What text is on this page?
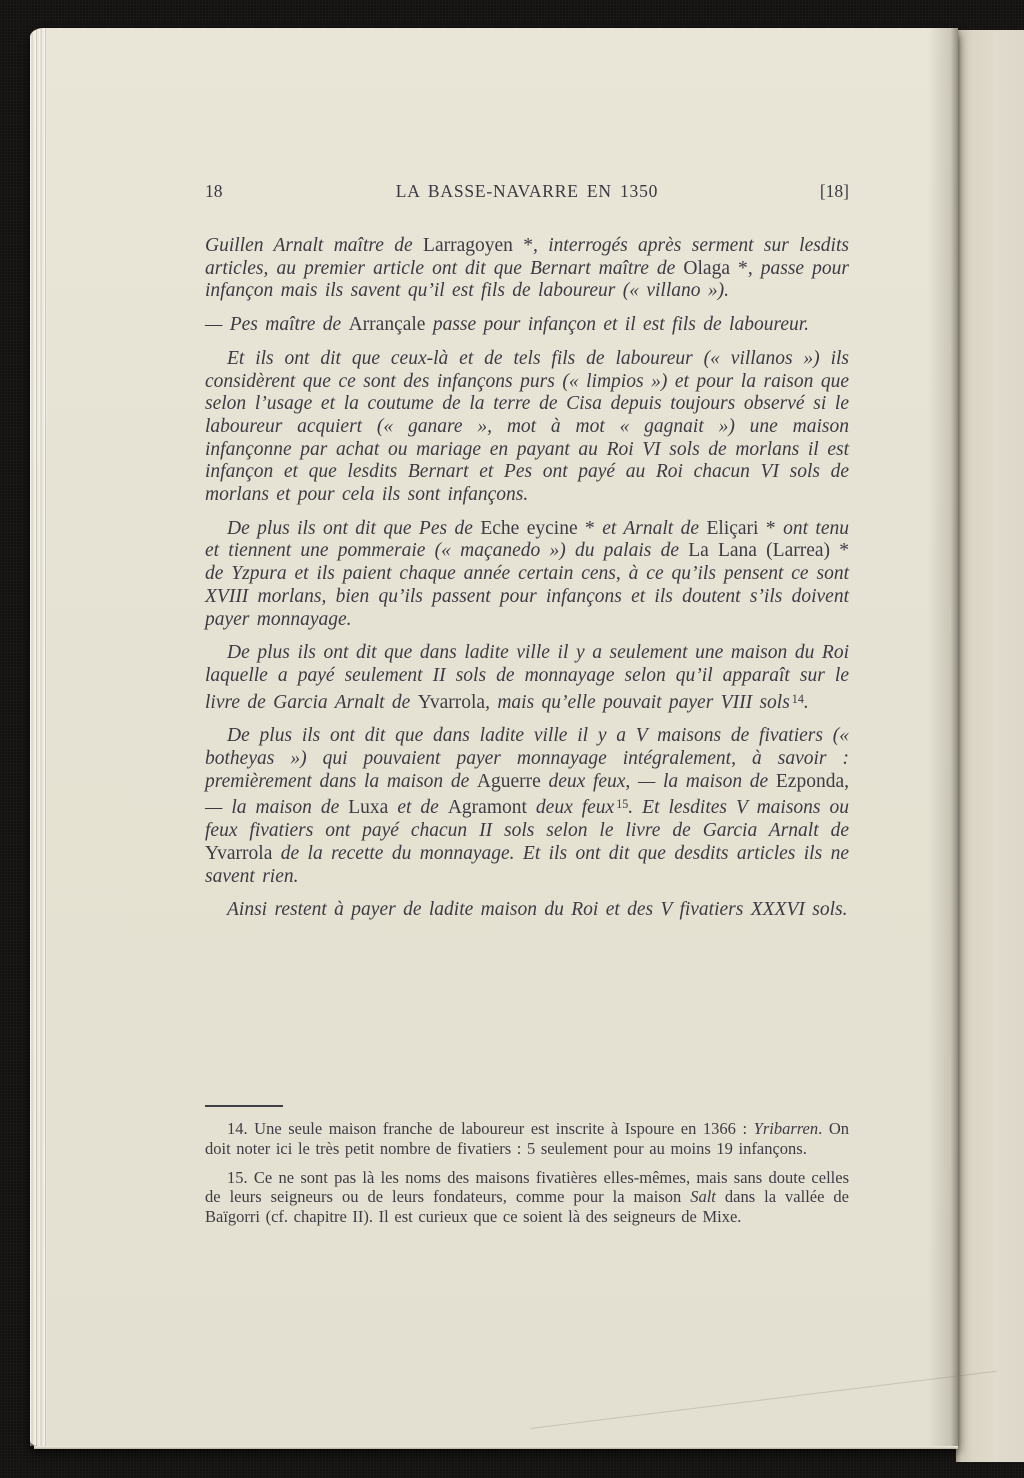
18	LA BASSE-NAVARRE EN 1350	[18]

Guillen Arnalt maître de Larragoyen *, interrogés après serment sur lesdits articles, au premier article ont dit que Bernart maître de Olaga *, passe pour infançon mais ils savent qu’il est fils de laboureur (« villano »).

— Pes maître de Arrançale passe pour infançon et il est fils de laboureur.

Et ils ont dit que ceux-là et de tels fils de laboureur (« villanos ») ils considèrent que ce sont des infançons purs (« limpios ») et pour la raison que selon l’usage et la coutume de la terre de Cisa depuis toujours observé si le laboureur acquiert (« ganare », mot à mot « gagnait ») une maison infançonne par achat ou mariage en payant au Roi VI sols de morlans il est infançon et que lesdits Bernart et Pes ont payé au Roi chacun VI sols de morlans et pour cela ils sont infançons.

De plus ils ont dit que Pes de Eche eycine * et Arnalt de Eliçari * ont tenu et tiennent une pommeraie (« maçanedo ») du palais de La Lana (Larrea) * de Yzpura et ils paient chaque année certain cens, à ce qu’ils pensent ce sont XVIII morlans, bien qu’ils passent pour infançons et ils doutent s’ils doivent payer monnayage.

De plus ils ont dit que dans ladite ville il y a seulement une maison du Roi laquelle a payé seulement II sols de monnayage selon qu’il apparaît sur le livre de Garcia Arnalt de Yvarrola, mais qu’elle pouvait payer VIII sols $^{14}$.

De plus ils ont dit que dans ladite ville il y a V maisons de fivatiers (« botheyas ») qui pouvaient payer monnayage intégralement, à savoir : premièrement dans la maison de Aguerre deux feux, — la maison de Ezponda, — la maison de Luxa et de Agramont deux feux $^{15}$. Et lesdites V maisons ou feux fivatiers ont payé chacun II sols selon le livre de Garcia Arnalt de Yvarrola de la recette du monnayage. Et ils ont dit que desdits articles ils ne savent rien.

Ainsi restent à payer de ladite maison du Roi et des V fivatiers XXXVI sols.

14. Une seule maison franche de laboureur est inscrite à Ispoure en 1366 : Yribarren. On doit noter ici le très petit nombre de fivatiers : 5 seulement pour au moins 19 infançons.

15. Ce ne sont pas là les noms des maisons fivatières elles-mêmes, mais sans doute celles de leurs seigneurs ou de leurs fondateurs, comme pour la maison Salt dans la vallée de Baïgorri (cf. chapitre II). Il est curieux que ce soient là des seigneurs de Mixe.
